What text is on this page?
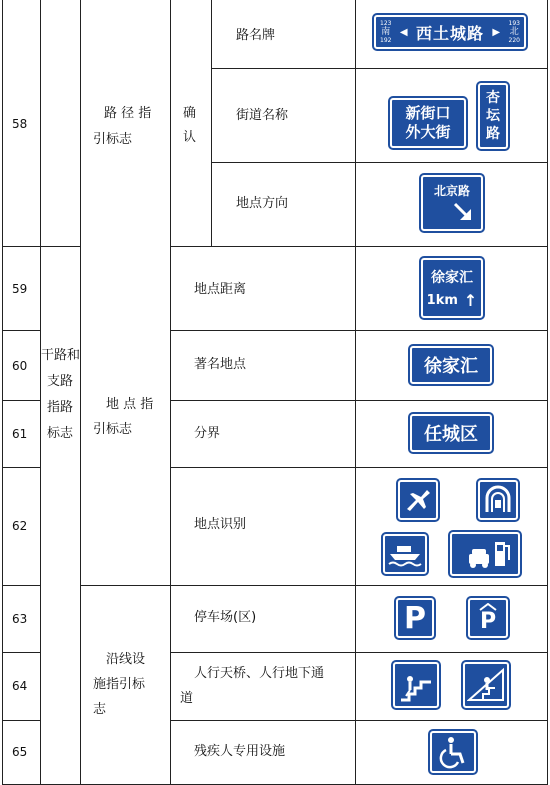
58
59
60
61
62
63
64
65
干路和
支路
指路
标志
路 径 指
引标志
地 点 指
引标志
沿线设
施指引标
志
确
认
路名牌
街道名称
地点方向
地点距离
著名地点
分界
地点识别
停车场(区)
人行天桥、人行地下通
道
残疾人专用设施
123
南
192
◀ 西土城路 ▶
193
北
220
新街口
外大街
杏
坛
路
北京路
徐家汇
1km ↑
徐家汇
任城区
P P
